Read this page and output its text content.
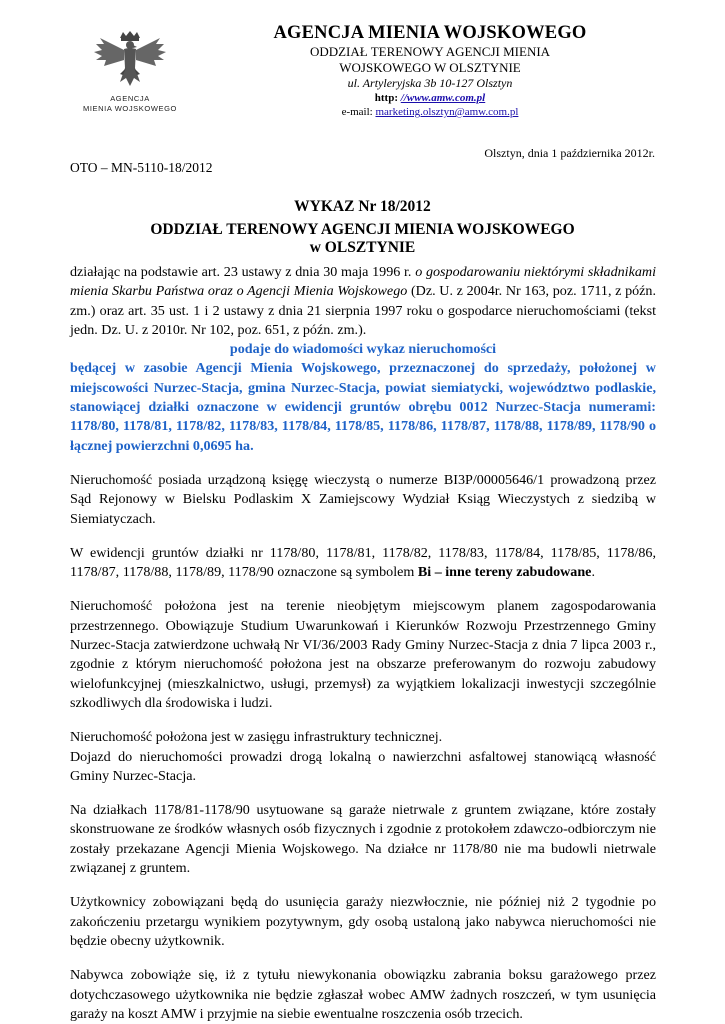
AGENCJA
MIENIA WOJSKOWEGO
AGENCJA MIENIA WOJSKOWEGO
ODDZIAŁ TERENOWY AGENCJI MIENIA
WOJSKOWEGO W OLSZTYNIE
ul. Artyleryjska 3b 10-127 Olsztyn
http: //www.amw.com.pl
e-mail: marketing.olsztyn@amw.com.pl
Olsztyn, dnia 1 października 2012r.
OTO – MN-5110-18/2012
WYKAZ Nr 18/2012
ODDZIAŁ TERENOWY AGENCJI MIENIA WOJSKOWEGO
w OLSZTYNIE

działając na podstawie art. 23 ustawy z dnia 30 maja 1996 r. o gospodarowaniu niektórymi składnikami mienia Skarbu Państwa oraz o Agencji Mienia Wojskowego (Dz. U. z 2004r. Nr 163, poz. 1711, z późn. zm.) oraz art. 35 ust. 1 i 2 ustawy z dnia 21 sierpnia 1997 roku o gospodarce nieruchomościami (tekst jedn. Dz. U. z 2010r. Nr 102, poz. 651, z późn. zm.).

podaje do wiadomości wykaz nieruchomości

będącej w zasobie Agencji Mienia Wojskowego, przeznaczonej do sprzedaży, położonej w miejscowości Nurzec-Stacja, gmina Nurzec-Stacja, powiat siemiatycki, województwo podlaskie, stanowiącej działki oznaczone w ewidencji gruntów obrębu 0012 Nurzec-Stacja numerami: 1178/80, 1178/81, 1178/82, 1178/83, 1178/84, 1178/85, 1178/86, 1178/87, 1178/88, 1178/89, 1178/90 o łącznej powierzchni 0,0695 ha.

Nieruchomość posiada urządzoną księgę wieczystą o numerze BI3P/00005646/1 prowadzoną przez Sąd Rejonowy w Bielsku Podlaskim X Zamiejscowy Wydział Ksiąg Wieczystych z siedzibą w Siemiatyczach.

W ewidencji gruntów działki nr 1178/80, 1178/81, 1178/82, 1178/83, 1178/84, 1178/85, 1178/86, 1178/87, 1178/88, 1178/89, 1178/90 oznaczone są symbolem Bi – inne tereny zabudowane.

Nieruchomość położona jest na terenie nieobjętym miejscowym planem zagospodarowania przestrzennego. Obowiązuje Studium Uwarunkowań i Kierunków Rozwoju Przestrzennego Gminy Nurzec-Stacja zatwierdzone uchwałą Nr VI/36/2003 Rady Gminy Nurzec-Stacja z dnia 7 lipca 2003 r., zgodnie z którym nieruchomość położona jest na obszarze preferowanym do rozwoju zabudowy wielofunkcyjnej (mieszkalnictwo, usługi, przemysł) za wyjątkiem lokalizacji inwestycji szczególnie szkodliwych dla środowiska i ludzi.

Nieruchomość położona jest w zasięgu infrastruktury technicznej.

Dojazd do nieruchomości prowadzi drogą lokalną o nawierzchni asfaltowej stanowiącą własność Gminy Nurzec-Stacja.

Na działkach 1178/81-1178/90 usytuowane są garaże nietrwale z gruntem związane, które zostały skonstruowane ze środków własnych osób fizycznych i zgodnie z protokołem zdawczo-odbiorczym nie zostały przekazane Agencji Mienia Wojskowego. Na działce nr 1178/80 nie ma budowli nietrwale związanej z gruntem.

Użytkownicy zobowiązani będą do usunięcia garaży niezwłocznie, nie później niż 2 tygodnie po zakończeniu przetargu wynikiem pozytywnym, gdy osobą ustaloną jako nabywca nieruchomości nie będzie obecny użytkownik.

Nabywca zobowiąże się, iż z tytułu niewykonania obowiązku zabrania boksu garażowego przez dotychczasowego użytkownika nie będzie zgłaszał wobec AMW żadnych roszczeń, w tym usunięcia garaży na koszt AMW i przyjmie na siebie ewentualne roszczenia osób trzecich.
